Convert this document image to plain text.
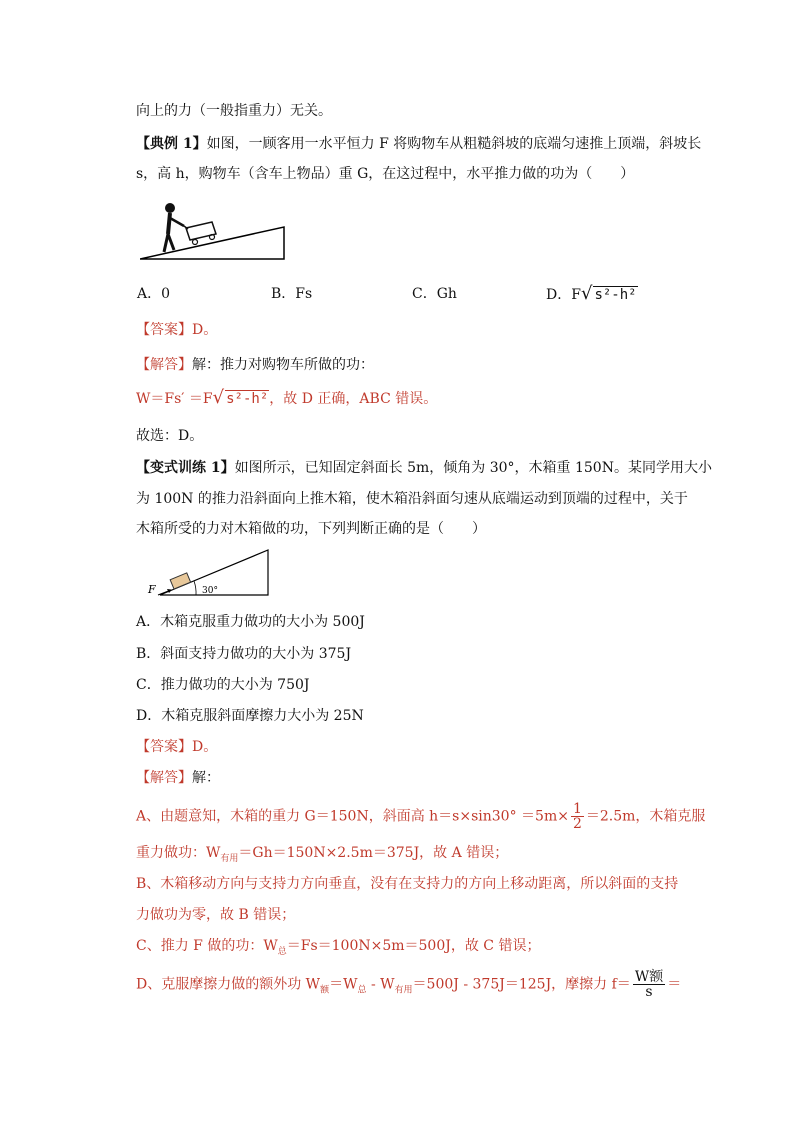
向上的力（一般指重力）无关。
【典例 1】如图，一顾客用一水平恒力 F 将购物车从粗糙斜坡的底端匀速推上顶端，斜坡长
s，高 h，购物车（含车上物品）重 G，在这过程中，水平推力做的功为（　　）
A．0	B．Fs	C．Gh	D．F√ s²-h²
【答案】D。
【解答】解：推力对购物车所做的功：
W＝Fs′ ＝F√ s²-h²，故 D 正确，ABC 错误。
故选：D。
【变式训练 1】如图所示，已知固定斜面长 5m，倾角为 30°，木箱重 150N。某同学用大小
为 100N 的推力沿斜面向上推木箱，使木箱沿斜面匀速从底端运动到顶端的过程中，关于
木箱所受的力对木箱做的功，下列判断正确的是（　　）
F	30°
A．木箱克服重力做功的大小为 500J
B．斜面支持力做功的大小为 375J
C．推力做功的大小为 750J
D．木箱克服斜面摩擦力大小为 25N
【答案】D。
【解答】解：
A、由题意知，木箱的重力 G＝150N，斜面高 $h=s\times\sin 30^\circ =5m\times \frac{1}{2} =2.5m$，木箱克服
重力做功：$W_{有用}=Gh=150N\times 2.5m=375J$，故 A 错误；
B、木箱移动方向与支持力方向垂直，没有在支持力的方向上移动距离，所以斜面的支持
力做功为零，故 B 错误；
C、推力 F 做的功：$W_总=Fs=100N\times 5m=500J$，故 C 错误；
D、克服摩擦力做的额外功 $W_额=W_总 - W_{有用}=500J - 375J=125J$，摩擦力 $f= \frac{\text{W额}}{s}$ ＝
